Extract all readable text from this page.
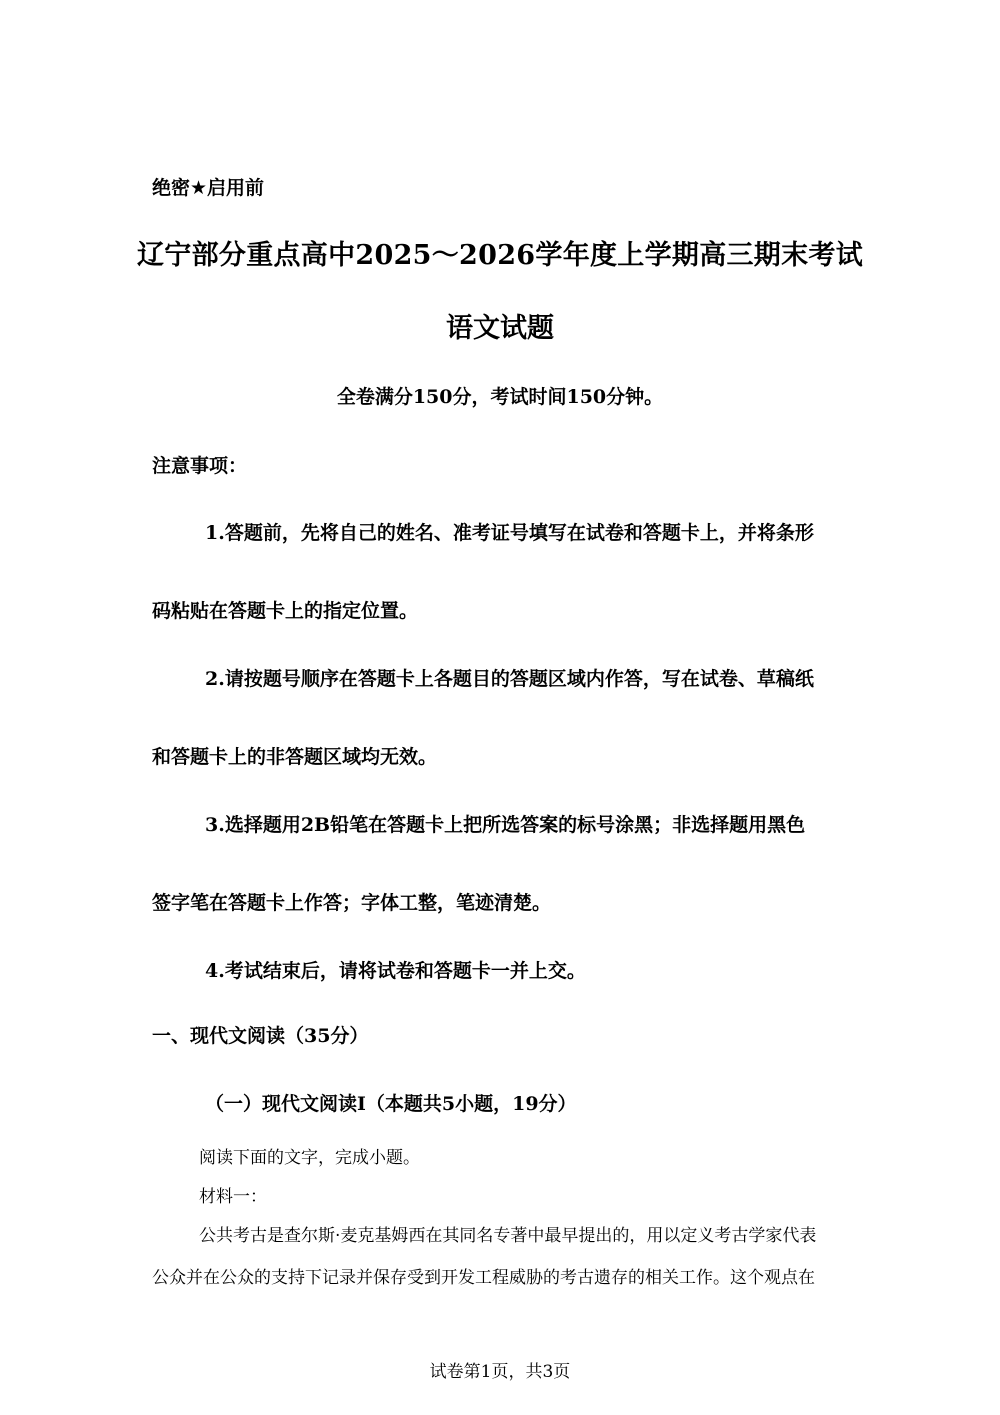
绝密★启用前
辽宁部分重点高中2025～2026学年度上学期高三期末考试
语文试题
全卷满分150分，考试时间150分钟。
注意事项：
1.答题前，先将自己的姓名、准考证号填写在试卷和答题卡上，并将条形
码粘贴在答题卡上的指定位置。
2.请按题号顺序在答题卡上各题目的答题区域内作答，写在试卷、草稿纸
和答题卡上的非答题区域均无效。
3.选择题用2B铅笔在答题卡上把所选答案的标号涂黑；非选择题用黑色
签字笔在答题卡上作答；字体工整，笔迹清楚。
4.考试结束后，请将试卷和答题卡一并上交。
一、现代文阅读（35分）
（一）现代文阅读Ⅰ（本题共5小题，19分）
阅读下面的文字，完成小题。
材料一：
公共考古是查尔斯·麦克基姆西在其同名专著中最早提出的，用以定义考古学家代表
公众并在公众的支持下记录并保存受到开发工程威胁的考古遗存的相关工作。这个观点在
试卷第1页，共3页
